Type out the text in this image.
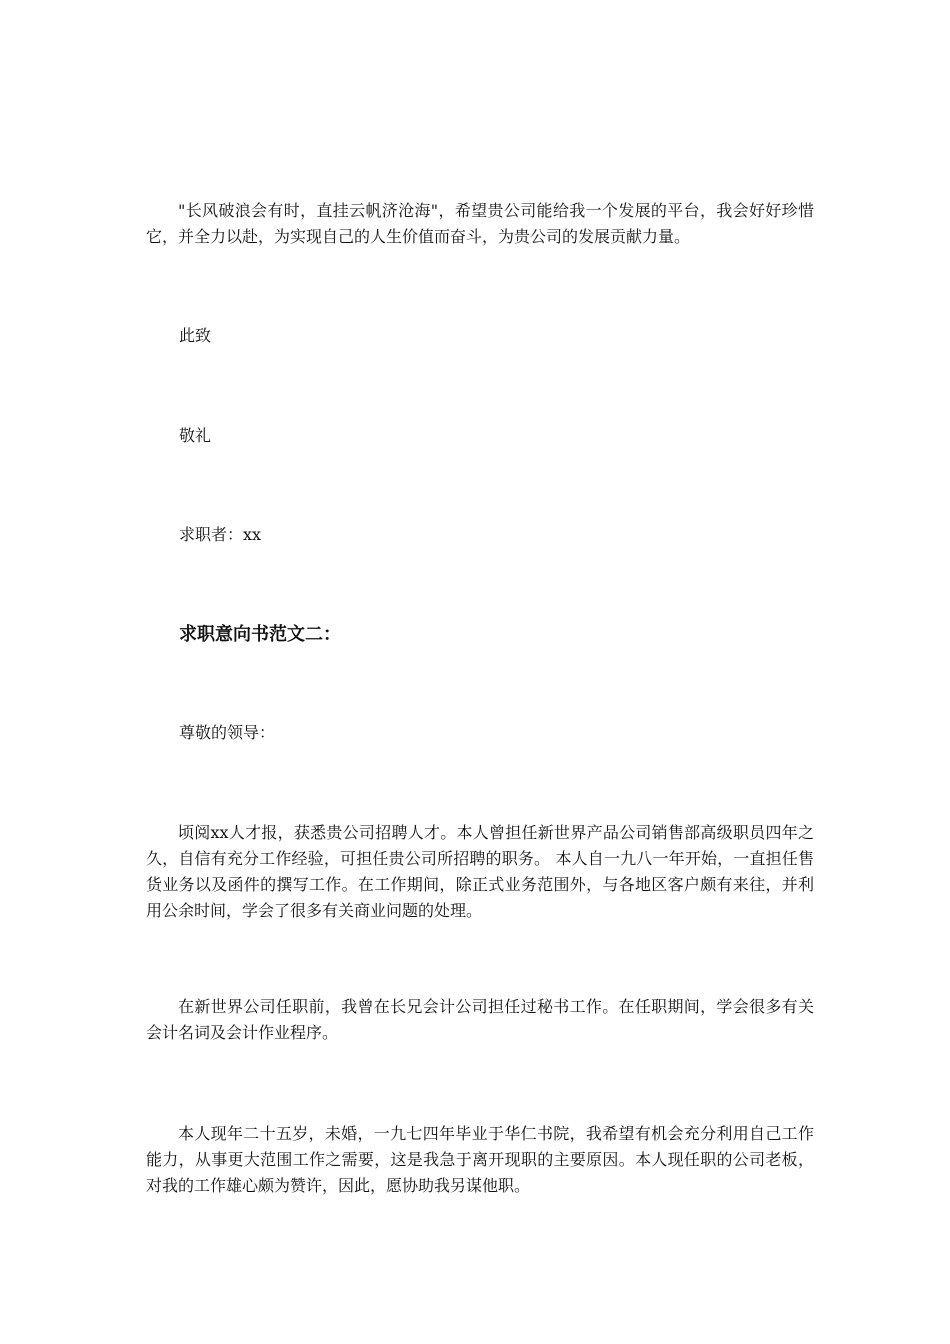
"长风破浪会有时，直挂云帆济沧海"，希望贵公司能给我一个发展的平台，我会好好珍惜它，并全力以赴，为实现自己的人生价值而奋斗，为贵公司的发展贡献力量。

此致

敬礼

求职者：xx

求职意向书范文二：

尊敬的领导：

顷阅xx人才报，获悉贵公司招聘人才。本人曾担任新世界产品公司销售部高级职员四年之久，自信有充分工作经验，可担任贵公司所招聘的职务。 本人自一九八一年开始，一直担任售货业务以及函件的撰写工作。在工作期间，除正式业务范围外，与各地区客户颇有来往，并利用公余时间，学会了很多有关商业问题的处理。

在新世界公司任职前，我曾在长兄会计公司担任过秘书工作。在任职期间，学会很多有关会计名词及会计作业程序。

本人现年二十五岁，未婚，一九七四年毕业于华仁书院，我希望有机会充分利用自己工作能力，从事更大范围工作之需要，这是我急于离开现职的主要原因。本人现任职的公司老板，对我的工作雄心颇为赞许，因此，愿协助我另谋他职。
